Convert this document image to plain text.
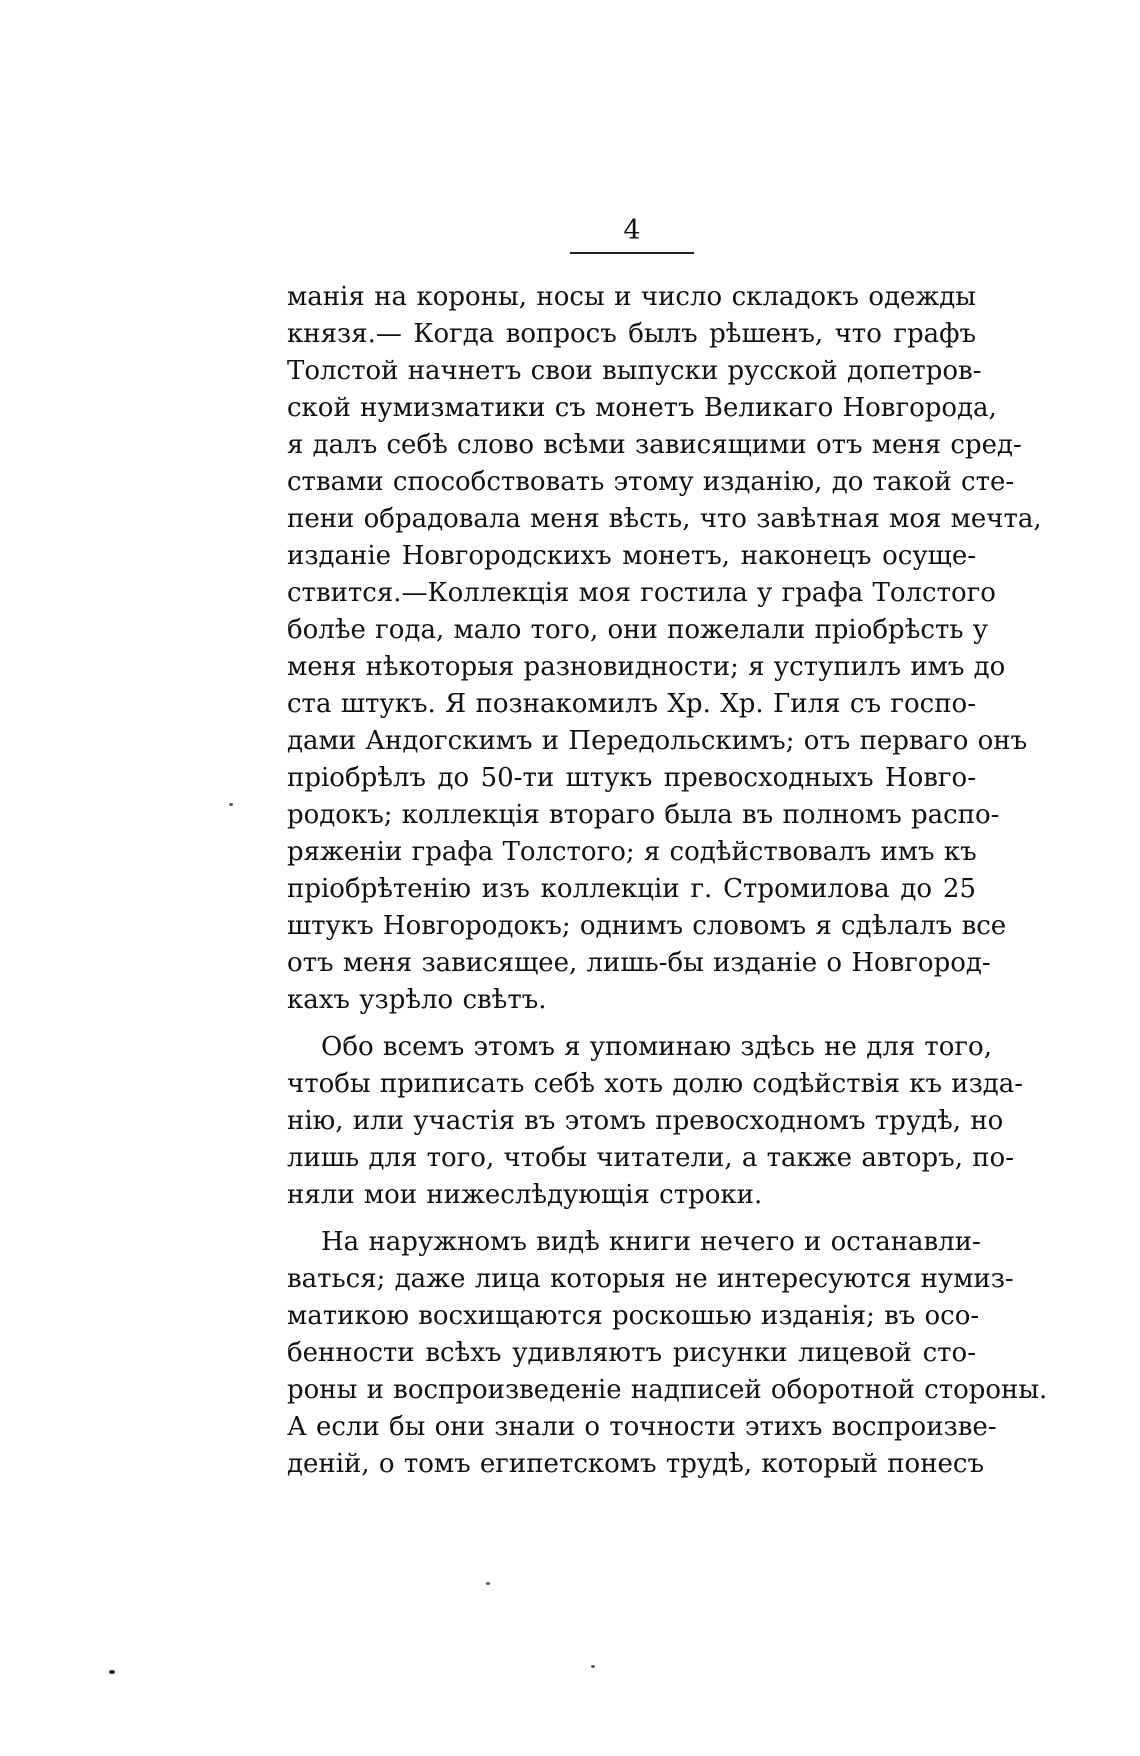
4

манія на короны, носы и число складокъ одежды
князя.— Когда вопросъ былъ рѣшенъ, что графъ
Толстой начнетъ свои выпуски русской допетров-
ской нумизматики съ монетъ Великаго Новгорода,
я далъ себѣ слово всѣми зависящими отъ меня сред-
ствами способствовать этому изданію, до такой сте-
пени обрадовала меня вѣсть, что завѣтная моя мечта,
изданіе Новгородскихъ монетъ, наконецъ осуще-
ствится.—Коллекція моя гостила у графа Толстого
болѣе года, мало того, они пожелали пріобрѣсть у
меня нѣкоторыя разновидности; я уступилъ имъ до
ста штукъ. Я познакомилъ Хр. Хр. Гиля съ госпо-
дами Андогскимъ и Передольскимъ; отъ перваго онъ
пріобрѣлъ до 50-ти штукъ превосходныхъ Новго-
родокъ; коллекція втораго была въ полномъ распо-
ряженіи графа Толстого; я содѣйствовалъ имъ къ
пріобрѣтенію изъ коллекціи г. Стромилова до 25
штукъ Новгородокъ; однимъ словомъ я сдѣлалъ все
отъ меня зависящее, лишь-бы изданіе о Новгород-
кахъ узрѣло свѣтъ.

Обо всемъ этомъ я упоминаю здѣсь не для того,
чтобы приписать себѣ хоть долю содѣйствія къ изда-
нію, или участія въ этомъ превосходномъ трудѣ, но
лишь для того, чтобы читатели, а также авторъ, по-
няли мои нижеслѣдующія строки.

На наружномъ видѣ книги нечего и останавли-
ваться; даже лица которыя не интересуются нумиз-
матикою восхищаются роскошью изданія; въ осо-
бенности всѣхъ удивляютъ рисунки лицевой сто-
роны и воспроизведеніе надписей оборотной стороны.
А если бы они знали о точности этихъ воспроизве-
деній, о томъ египетскомъ трудѣ, который понесъ
